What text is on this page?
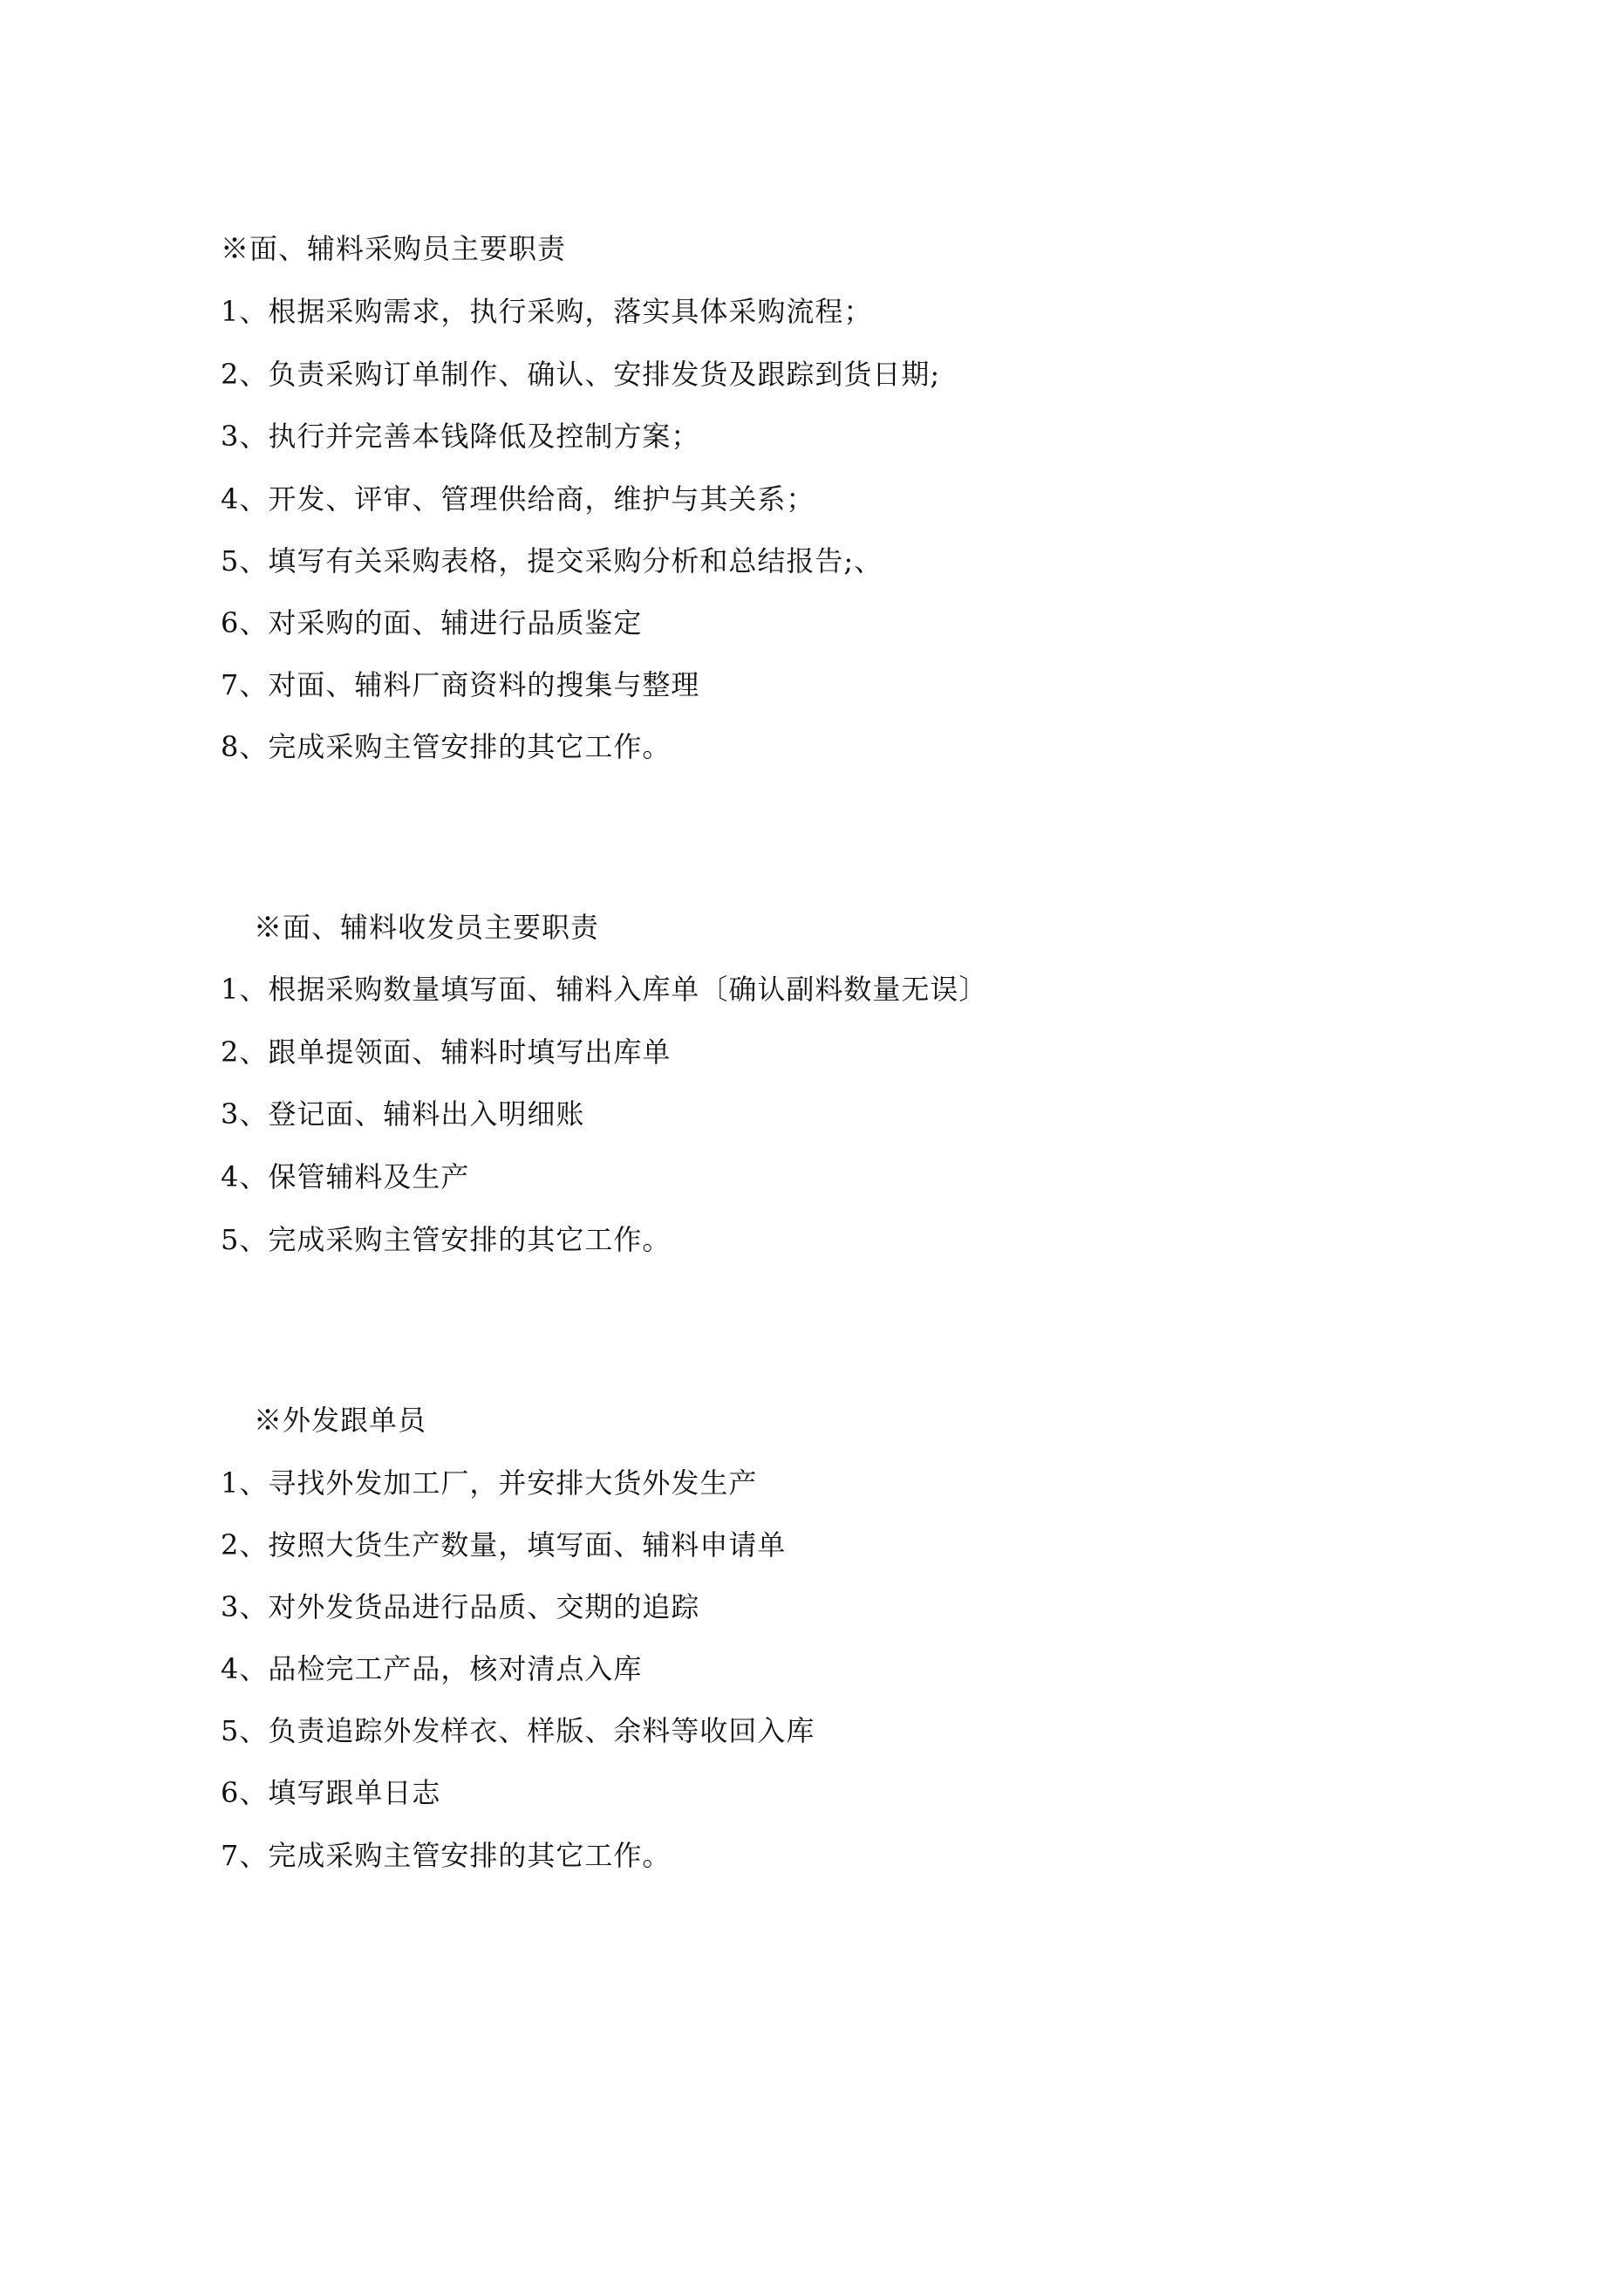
※面、辅料采购员主要职责
1、根据采购需求，执行采购，落实具体采购流程；
2、负责采购订单制作、确认、安排发货及跟踪到货日期;
3、执行并完善本钱降低及控制方案；
4、开发、评审、管理供给商，维护与其关系；
5、填写有关采购表格，提交采购分析和总结报告;、
6、对采购的面、辅进行品质鉴定
7、对面、辅料厂商资料的搜集与整理
8、完成采购主管安排的其它工作。
※面、辅料收发员主要职责
1、根据采购数量填写面、辅料入库单〔确认副料数量无误〕
2、跟单提领面、辅料时填写出库单
3、登记面、辅料出入明细账
4、保管辅料及生产
5、完成采购主管安排的其它工作。
※外发跟单员
1、寻找外发加工厂，并安排大货外发生产
2、按照大货生产数量，填写面、辅料申请单
3、对外发货品进行品质、交期的追踪
4、品检完工产品，核对清点入库
5、负责追踪外发样衣、样版、余料等收回入库
6、填写跟单日志
7、完成采购主管安排的其它工作。
